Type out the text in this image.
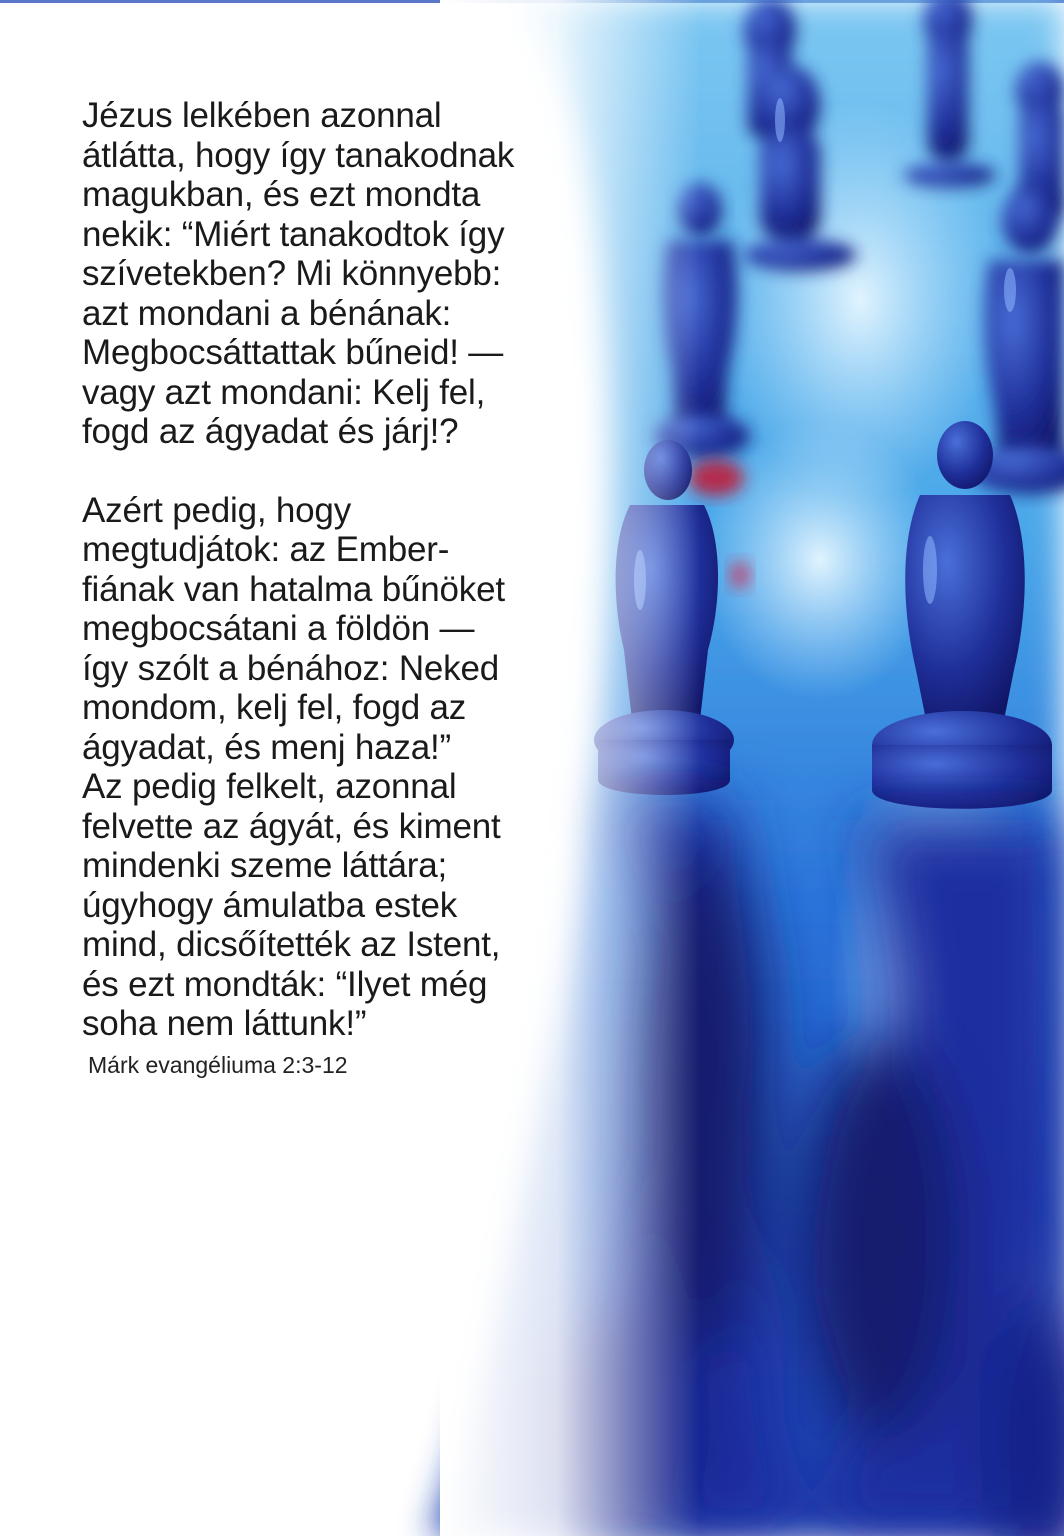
Jézus lelkében azonnal
átlátta, hogy így tanakodnak
magukban, és ezt mondta
nekik: “Miért tanakodtok így
szívetekben? Mi könnyebb:
azt mondani a bénának:
Megbocsáttattak bűneid! —
vagy azt mondani: Kelj fel,
fogd az ágyadat és járj!?

Azért pedig, hogy
megtudjátok: az Ember-
fiának van hatalma bűnöket
megbocsátani a földön —
így szólt a bénához: Neked
mondom, kelj fel, fogd az
ágyadat, és menj haza!”
Az pedig felkelt, azonnal
felvette az ágyát, és kiment
mindenki szeme láttára;
úgyhogy ámulatba estek
mind, dicsőítették az Istent,
és ezt mondták: “Ilyet még
soha nem láttunk!”

Márk evangéliuma 2:3-12
